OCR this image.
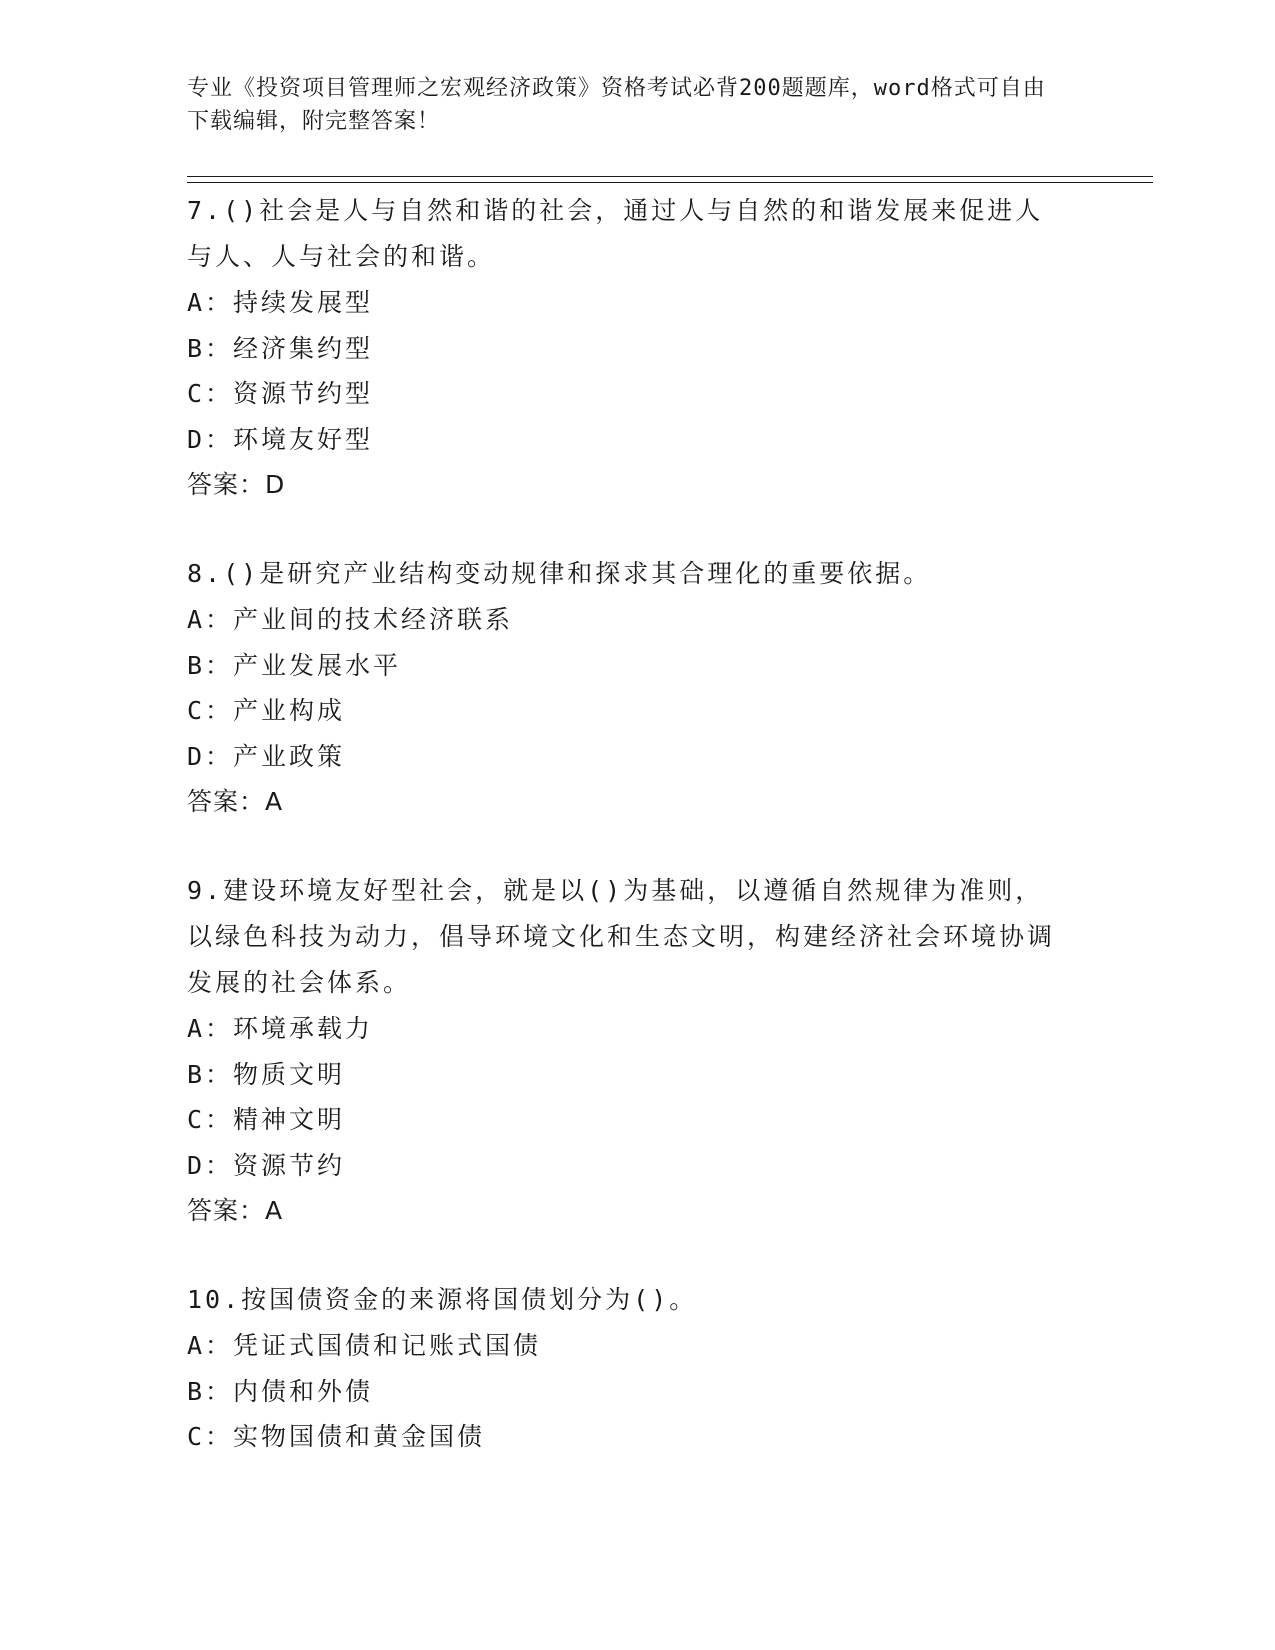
专业《投资项目管理师之宏观经济政策》资格考试必背200题题库，word格式可自由下载编辑，附完整答案！
7.()社会是人与自然和谐的社会，通过人与自然的和谐发展来促进人与人、人与社会的和谐。
A：持续发展型
B：经济集约型
C：资源节约型
D：环境友好型
答案：D
8.()是研究产业结构变动规律和探求其合理化的重要依据。
A：产业间的技术经济联系
B：产业发展水平
C：产业构成
D：产业政策
答案：A
9.建设环境友好型社会，就是以()为基础，以遵循自然规律为准则，以绿色科技为动力，倡导环境文化和生态文明，构建经济社会环境协调发展的社会体系。
A：环境承载力
B：物质文明
C：精神文明
D：资源节约
答案：A
10.按国债资金的来源将国债划分为()。
A：凭证式国债和记账式国债
B：内债和外债
C：实物国债和黄金国债
